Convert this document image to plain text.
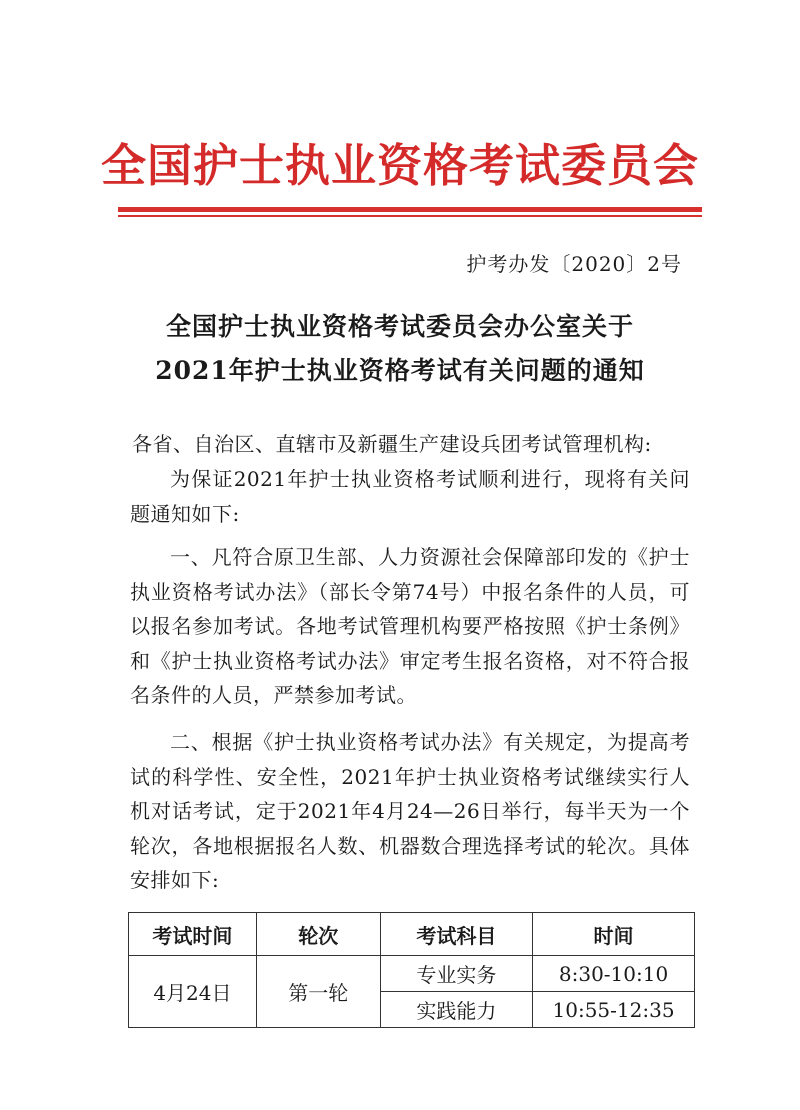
全国护士执业资格考试委员会
护考办发〔2020〕2号
全国护士执业资格考试委员会办公室关于
2021年护士执业资格考试有关问题的通知
各省、自治区、直辖市及新疆生产建设兵团考试管理机构:
为保证2021年护士执业资格考试顺利进行，现将有关问题通知如下:
一、凡符合原卫生部、人力资源社会保障部印发的《护士执业资格考试办法》（部长令第74号）中报名条件的人员，可以报名参加考试。各地考试管理机构要严格按照《护士条例》和《护士执业资格考试办法》审定考生报名资格，对不符合报名条件的人员，严禁参加考试。
二、根据《护士执业资格考试办法》有关规定，为提高考试的科学性、安全性，2021年护士执业资格考试继续实行人机对话考试，定于2021年4月24—26日举行，每半天为一个轮次，各地根据报名人数、机器数合理选择考试的轮次。具体安排如下:
考试时间	轮次	考试科目	时间
4月24日	第一轮	专业实务	8:30-10:10
		实践能力	10:55-12:35
